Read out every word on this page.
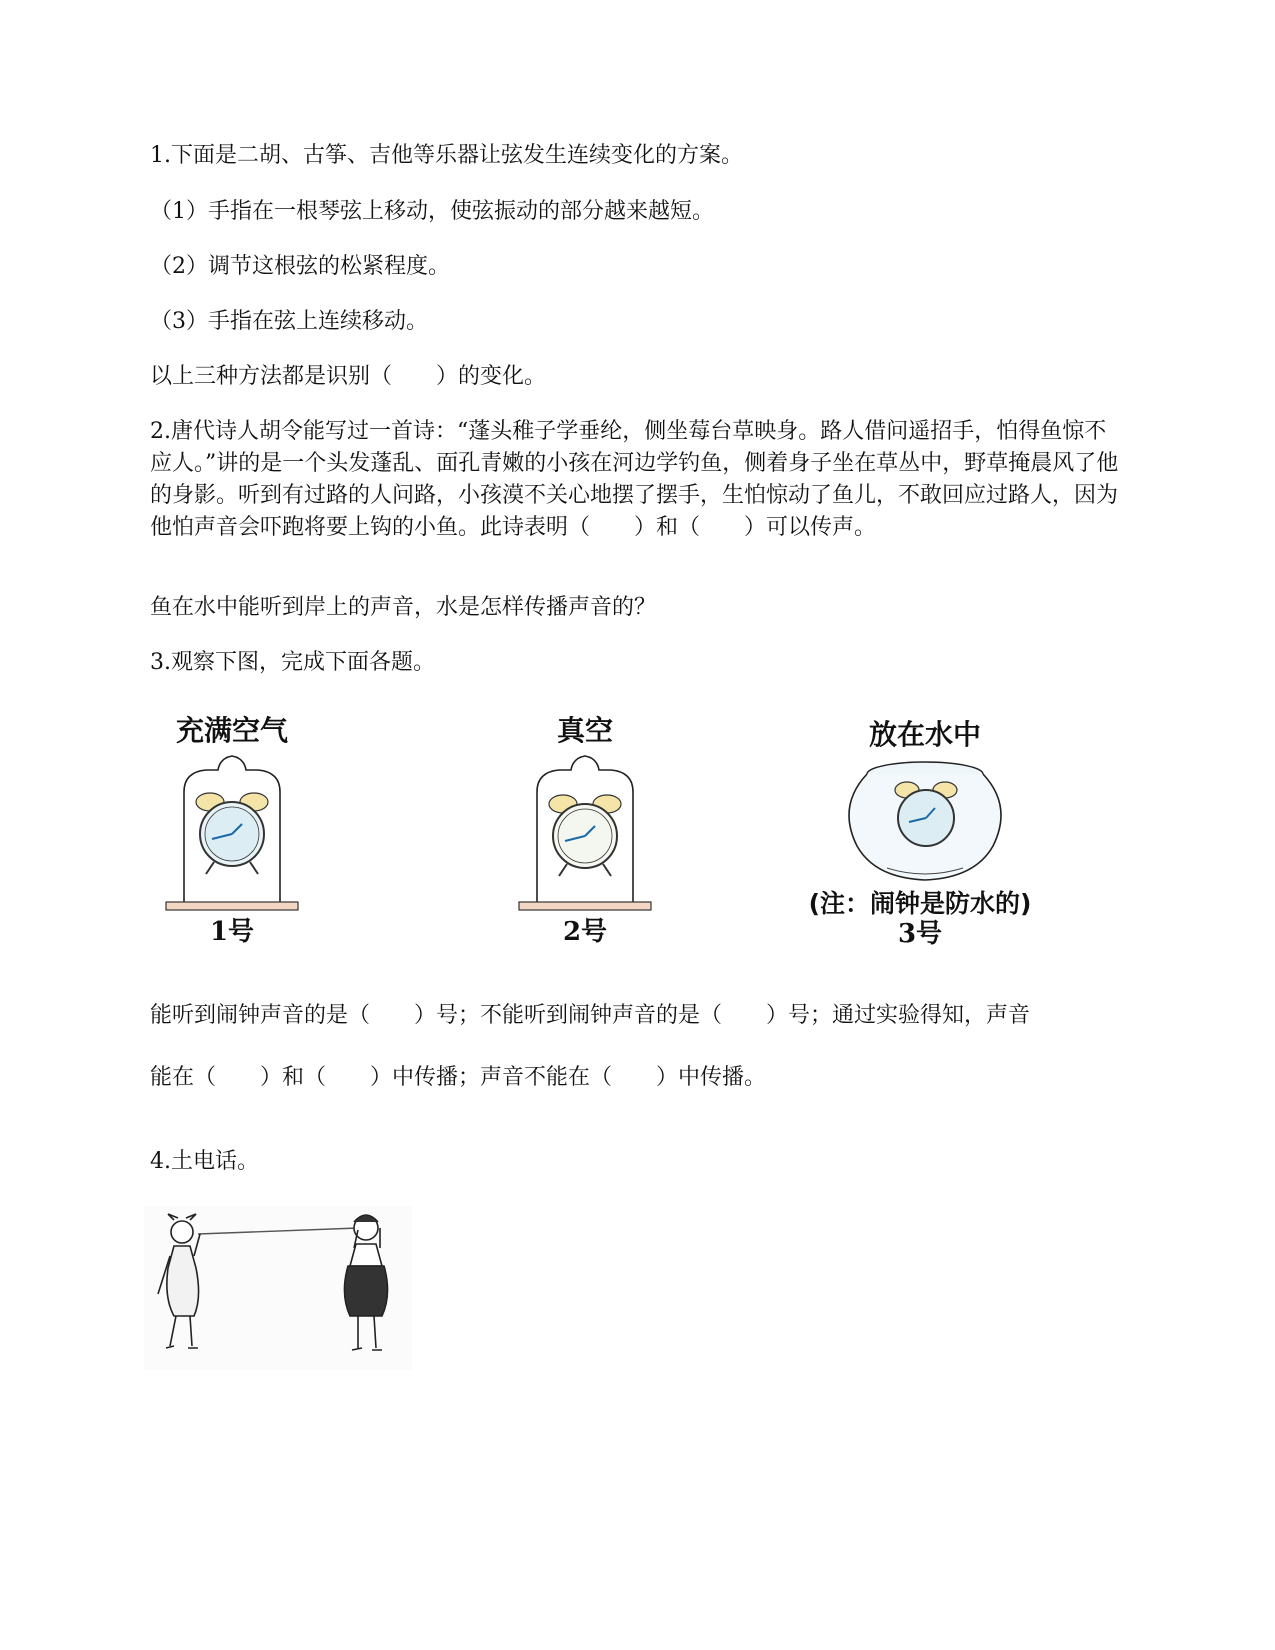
1.下面是二胡、古筝、吉他等乐器让弦发生连续变化的方案。
（1）手指在一根琴弦上移动，使弦振动的部分越来越短。
（2）调节这根弦的松紧程度。
（3）手指在弦上连续移动。
以上三种方法都是识别（　　）的变化。
2.唐代诗人胡令能写过一首诗：“蓬头稚子学垂纶，侧坐莓台草映身。路人借问遥招手，怕得鱼惊不应人。”讲的是一个头发蓬乱、面孔青嫩的小孩在河边学钓鱼，侧着身子坐在草丛中，野草掩晨风了他的身影。听到有过路的人问路，小孩漠不关心地摆了摆手，生怕惊动了鱼儿，不敢回应过路人，因为他怕声音会吓跑将要上钩的小鱼。此诗表明（　　）和（　　）可以传声。
鱼在水中能听到岸上的声音，水是怎样传播声音的？
3.观察下图，完成下面各题。
充满空气
1号
真空
2号
放在水中
(注：闹钟是防水的)
3号
能听到闹钟声音的是（　　）号；不能听到闹钟声音的是（　　）号；通过实验得知，声音
能在（　　）和（　　）中传播；声音不能在（　　）中传播。
4.土电话。
